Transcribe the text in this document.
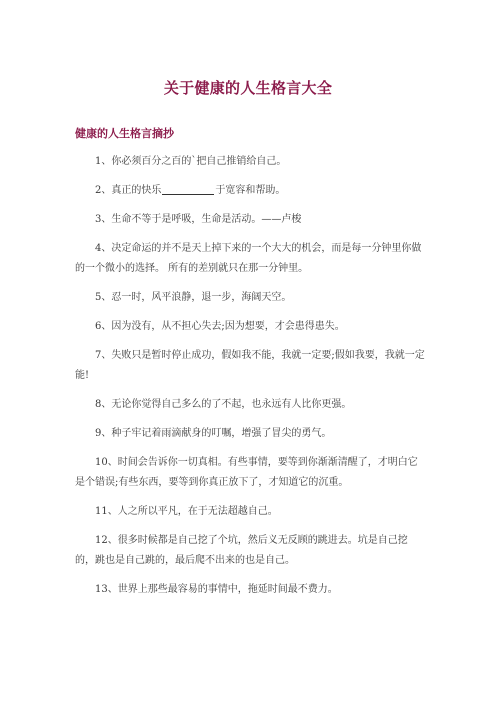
关于健康的人生格言大全
健康的人生格言摘抄

1、你必须百分之百的`把自己推销给自己。

2、真正的快乐	于宽容和帮助。

3、生命不等于是呼吸，生命是活动。——卢梭

4、决定命运的并不是天上掉下来的一个大大的机会，而是每一分钟里你做的一个微小的选择。 所有的差别就只在那一分钟里。

5、忍一时，风平浪静，退一步，海阔天空。

6、因为没有，从不担心失去;因为想要，才会患得患失。

7、失败只是暂时停止成功，假如我不能，我就一定要;假如我要，我就一定能!

8、无论你觉得自己多么的了不起，也永远有人比你更强。

9、种子牢记着雨滴献身的叮嘱，增强了冒尖的勇气。

10、时间会告诉你一切真相。有些事情，要等到你渐渐清醒了，才明白它是个错误;有些东西，要等到你真正放下了，才知道它的沉重。

11、人之所以平凡，在于无法超越自己。

12、很多时候都是自己挖了个坑，然后义无反顾的跳进去。坑是自己挖的，跳也是自己跳的，最后爬不出来的也是自己。

13、世界上那些最容易的事情中，拖延时间最不费力。
